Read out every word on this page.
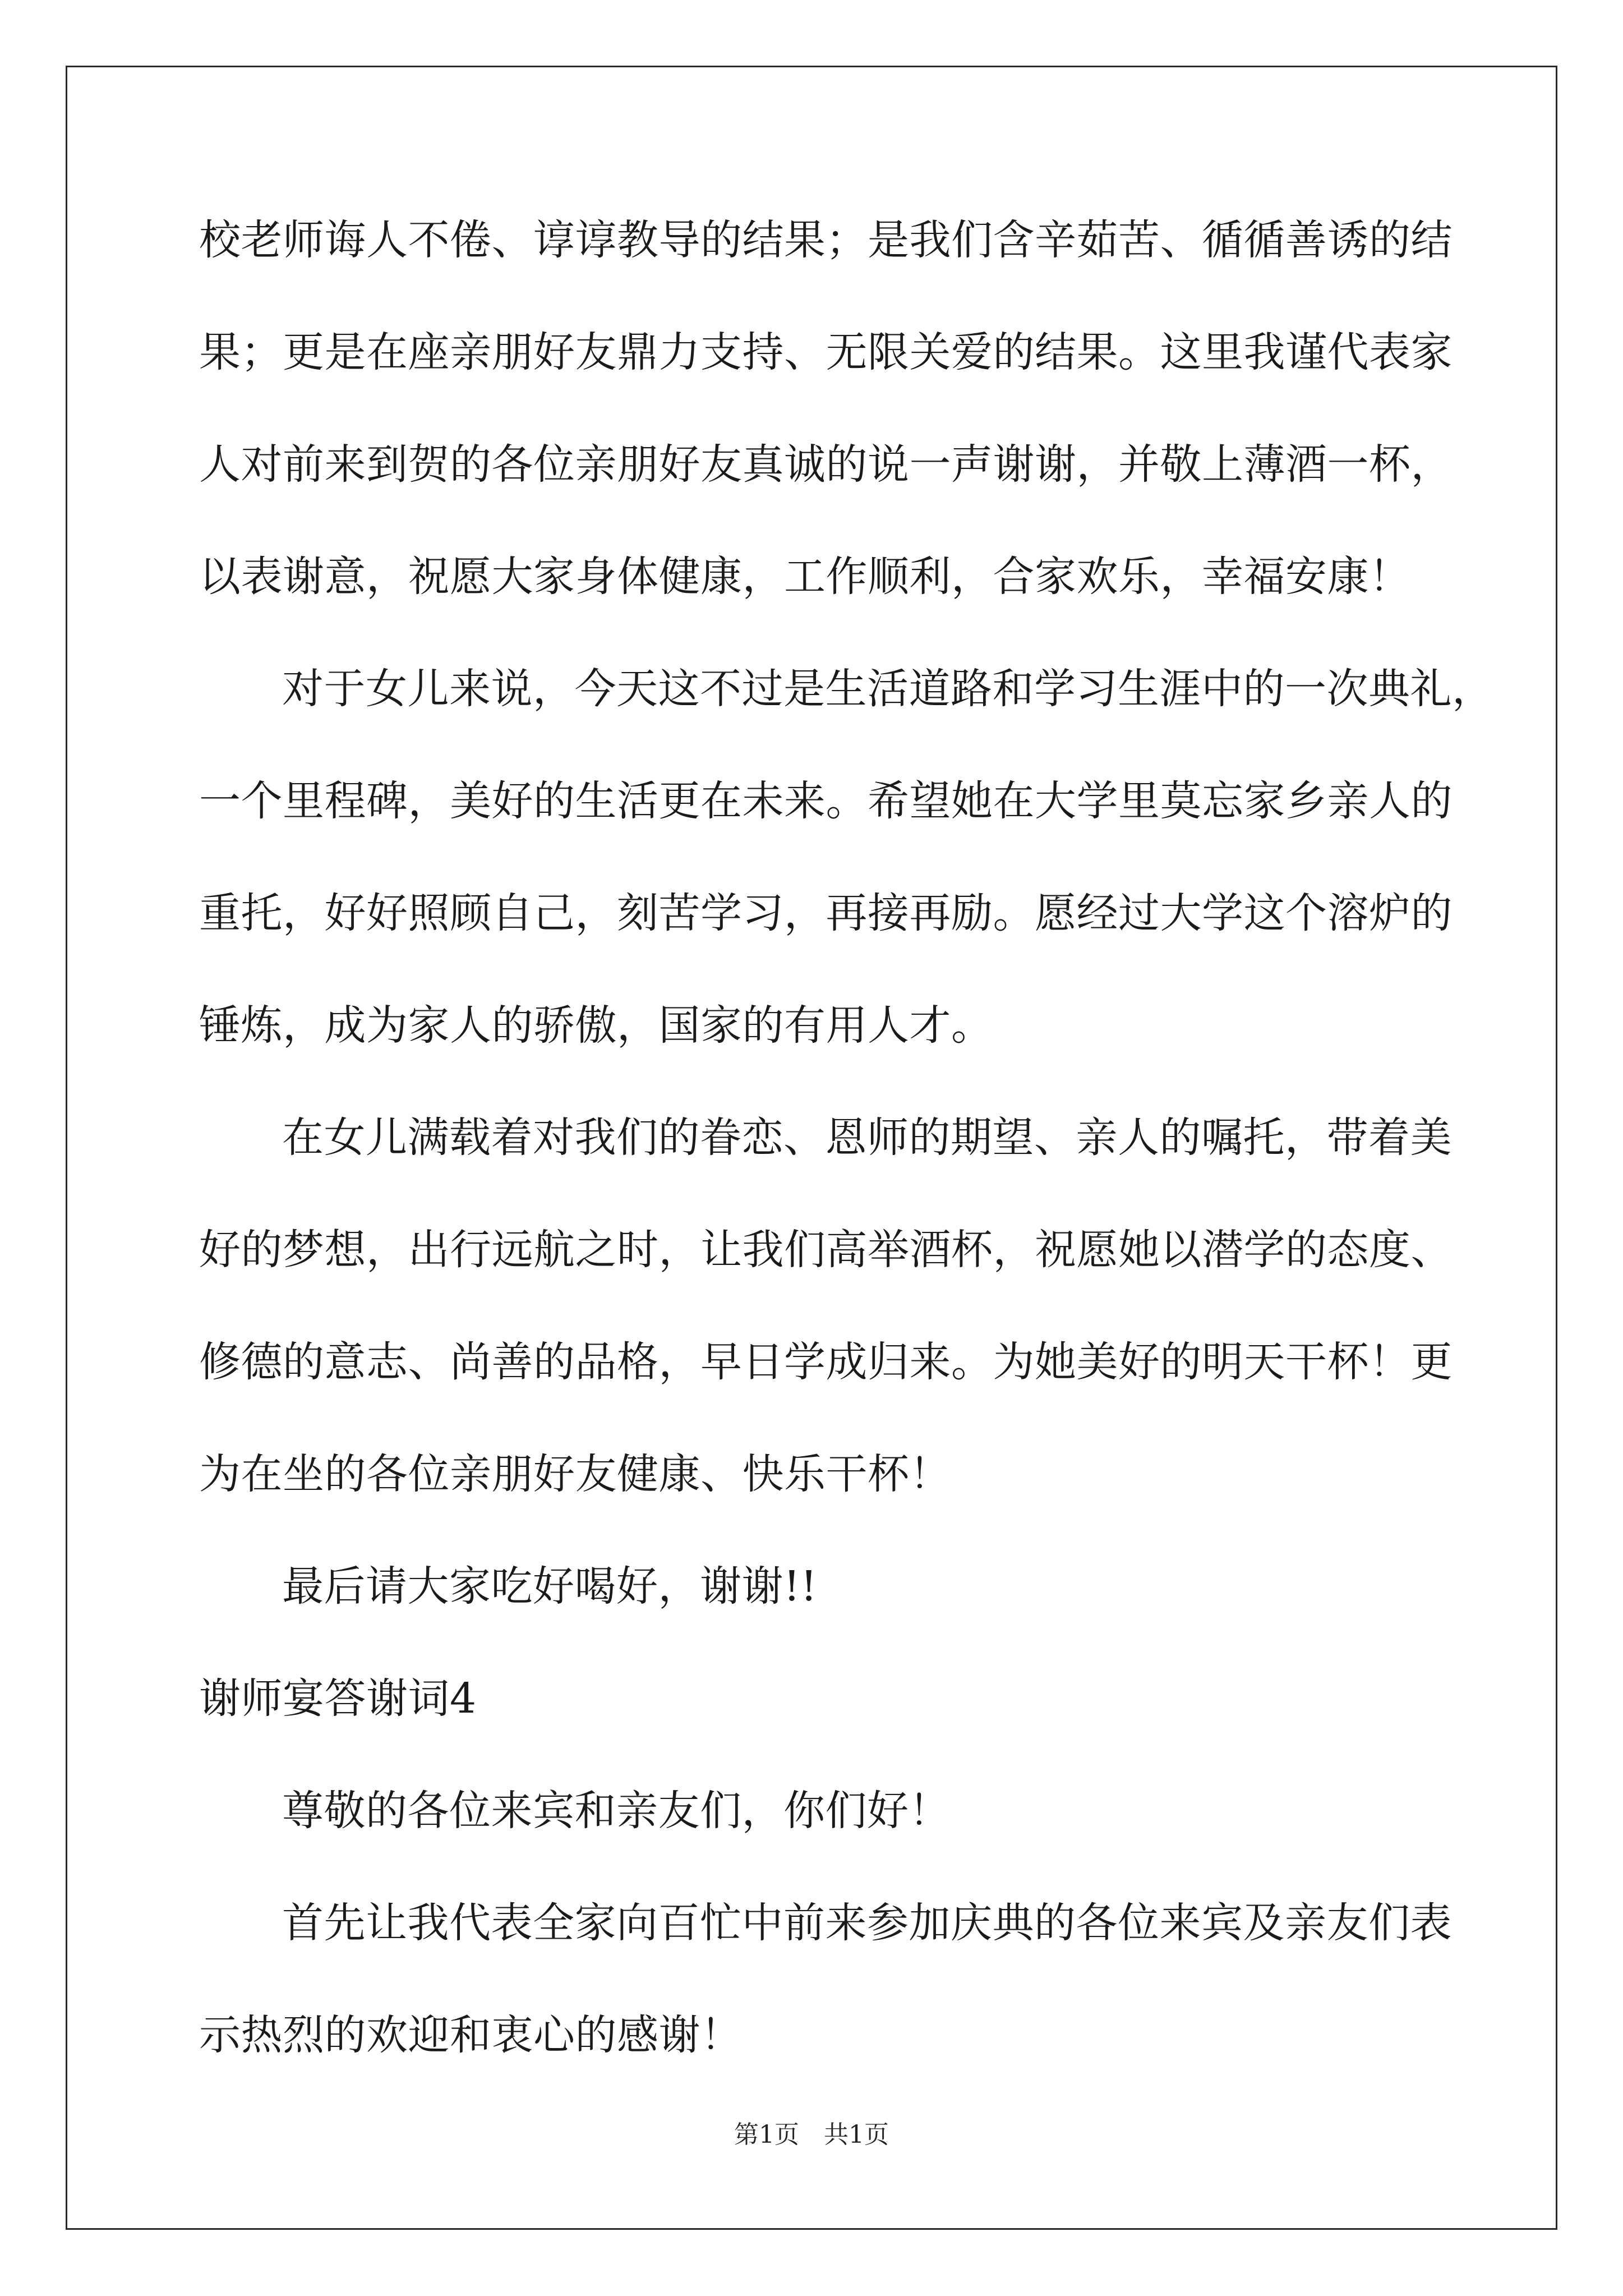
校老师诲人不倦、谆谆教导的结果；是我们含辛茹苦、循循善诱的结
果；更是在座亲朋好友鼎力支持、无限关爱的结果。这里我谨代表家
人对前来到贺的各位亲朋好友真诚的说一声谢谢，并敬上薄酒一杯，
以表谢意，祝愿大家身体健康，工作顺利，合家欢乐，幸福安康！
对于女儿来说，今天这不过是生活道路和学习生涯中的一次典礼，
一个里程碑，美好的生活更在未来。希望她在大学里莫忘家乡亲人的
重托，好好照顾自己，刻苦学习，再接再励。愿经过大学这个溶炉的
锤炼，成为家人的骄傲，国家的有用人才。
在女儿满载着对我们的眷恋、恩师的期望、亲人的嘱托，带着美
好的梦想，出行远航之时，让我们高举酒杯，祝愿她以潜学的态度、
修德的意志、尚善的品格，早日学成归来。为她美好的明天干杯！更
为在坐的各位亲朋好友健康、快乐干杯！
最后请大家吃好喝好，谢谢!!
谢师宴答谢词4
尊敬的各位来宾和亲友们，你们好！
首先让我代表全家向百忙中前来参加庆典的各位来宾及亲友们表
示热烈的欢迎和衷心的感谢！
第1页 共1页
